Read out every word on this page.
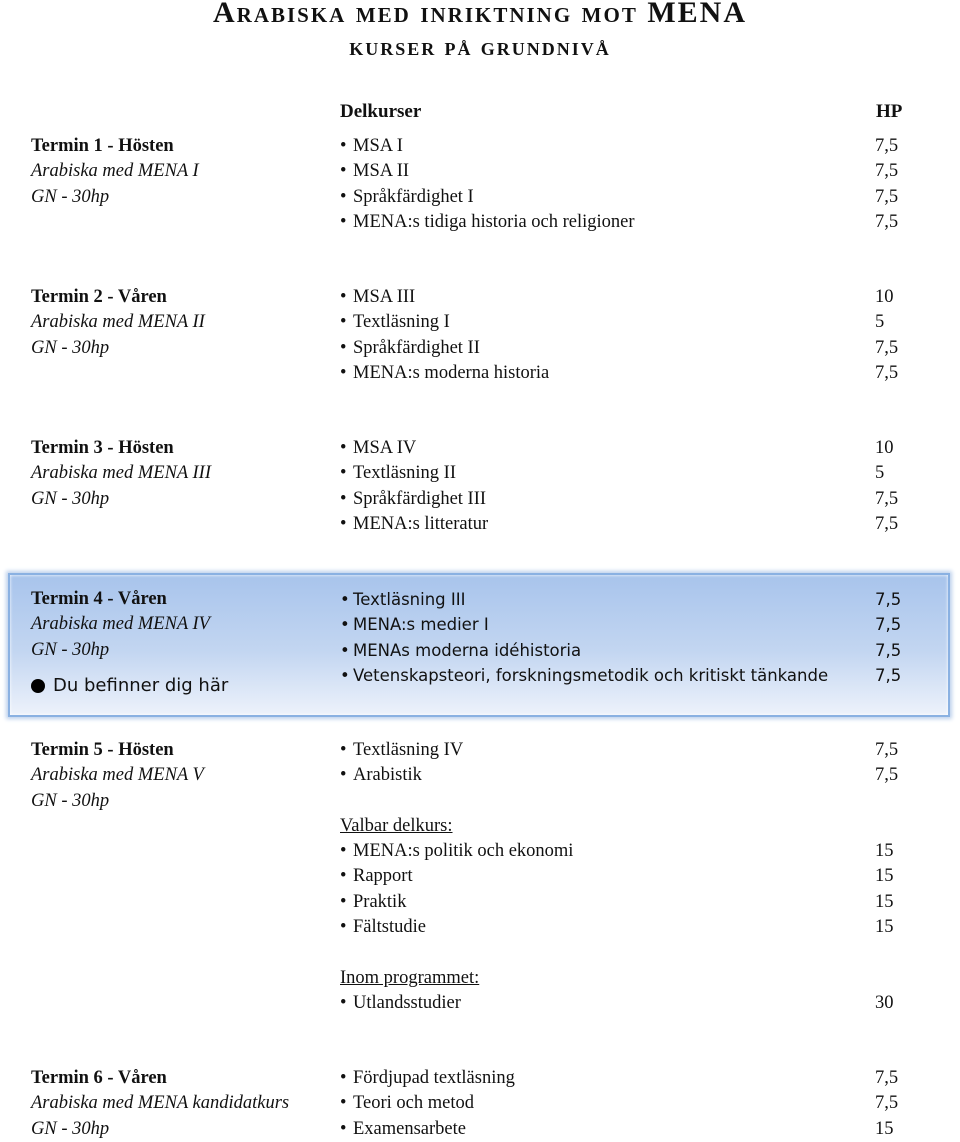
Arabiska med inriktning mot MENA
kurser på grundnivå
Delkurser	HP
Termin 1 - Hösten
Arabiska med MENA I
GN - 30hp
• MSA I	7,5
• MSA II	7,5
• Språkfärdighet I	7,5
• MENA:s tidiga historia och religioner	7,5
Termin 2 - Våren
Arabiska med MENA II
GN - 30hp
• MSA III	10
• Textläsning I	5
• Språkfärdighet II	7,5
• MENA:s moderna historia	7,5
Termin 3 - Hösten
Arabiska med MENA III
GN - 30hp
• MSA IV	10
• Textläsning II	5
• Språkfärdighet III	7,5
• MENA:s litteratur	7,5
Termin 4 - Våren
Arabiska med MENA IV
GN - 30hp
Du befinner dig här
• Textläsning III	7,5
• MENA:s medier I	7,5
• MENAs moderna idéhistoria	7,5
• Vetenskapsteori, forskningsmetodik och kritiskt tänkande	7,5
Termin 5 - Hösten
Arabiska med MENA V
GN - 30hp
• Textläsning IV	7,5
• Arabistik	7,5
Valbar delkurs:
• MENA:s politik och ekonomi	15
• Rapport	15
• Praktik	15
• Fältstudie	15
Inom programmet:
• Utlandsstudier	30
Termin 6 - Våren
Arabiska med MENA kandidatkurs
GN - 30hp
• Fördjupad textläsning	7,5
• Teori och metod	7,5
• Examensarbete	15
